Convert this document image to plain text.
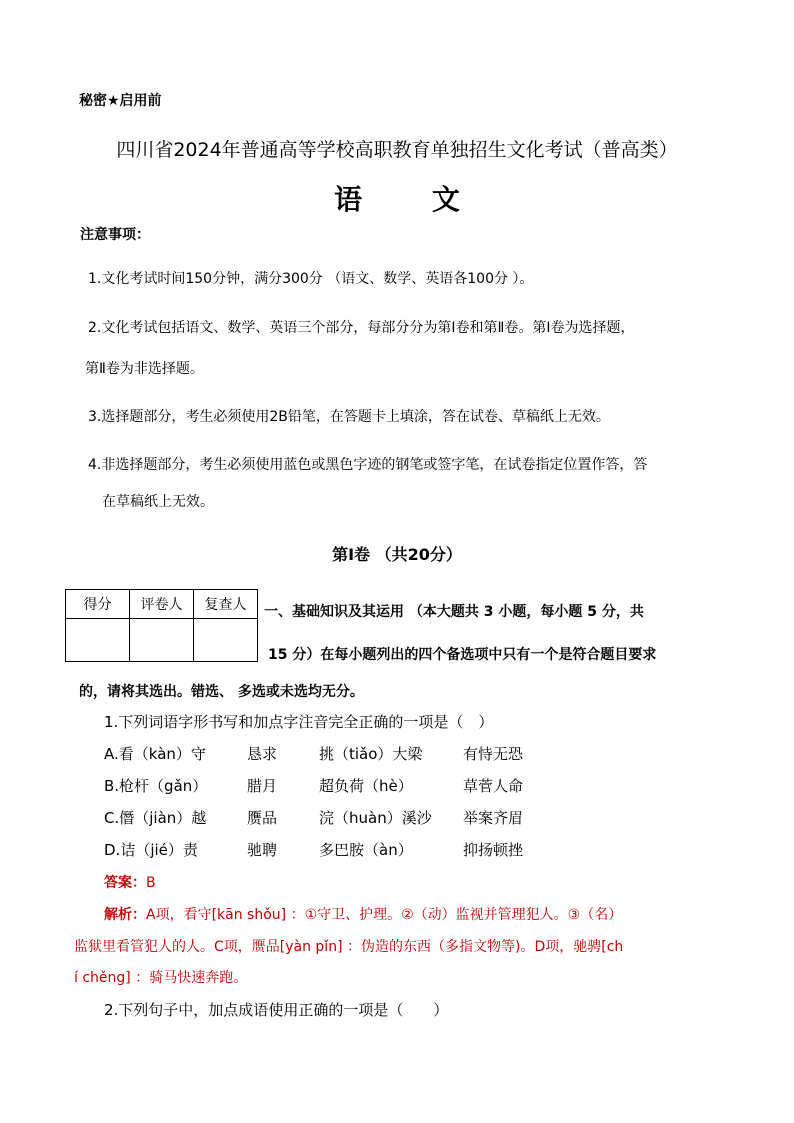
秘密★启用前
四川省2024年普通高等学校高职教育单独招生文化考试（普高类）
语 文
注意事项：
1.文化考试时间150分钟，满分300分 （语文、数学、英语各100分 ）。
2.文化考试包括语文、数学、英语三个部分，每部分分为第Ⅰ卷和第Ⅱ卷。第Ⅰ卷为选择题，
第Ⅱ卷为非选择题。
3.选择题部分，考生必须使用2B铅笔，在答题卡上填涂，答在试卷、草稿纸上无效。
4.非选择题部分，考生必须使用蓝色或黑色字迹的钢笔或签字笔，在试卷指定位置作答，答
在草稿纸上无效。
第Ⅰ卷 （共20分）
得分	评卷人	复查人
		一、基础知识及其运用 （本大题共 3 小题，每小题 5 分，共
15 分）在每小题列出的四个备选项中只有一个是符合题目要求
的，请将其选出。错选、 多选或未选均无分。
1.下列词语字形书写和加点字注音完全正确的一项是（　）
A.看（kàn）守	恳求	挑（tiǎo）大梁	有恃无恐
B.枪杆（gǎn）	腊月	超负荷（hè）	草菅人命
C.僭（jiàn）越	赝品	浣（huàn）溪沙 举案齐眉
D.诘（jié）责	驰聘	多巴胺（àn）	抑扬顿挫
答案：B
解析：A项，看守[kān shǒu] ：①守卫、护理。②（动）监视并管理犯人。③（名）
监狱里看管犯人的人。C项，赝品[yàn pǐn] ：伪造的东西（多指文物等)。D项，驰骋[ch
í chěng] ：骑马快速奔跑。
2.下列句子中，加点成语使用正确的一项是（　　）
